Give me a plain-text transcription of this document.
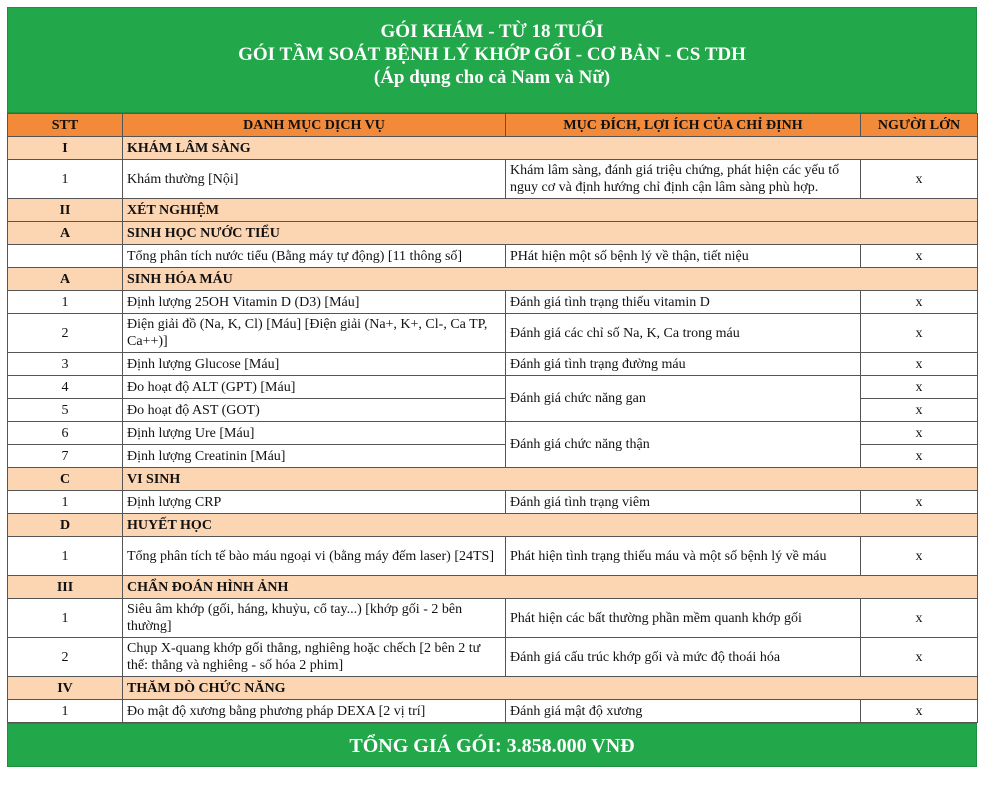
GÓI KHÁM - TỪ 18 TUỔI
GÓI TẦM SOÁT BỆNH LÝ KHỚP GỐI - CƠ BẢN - CS TDH
(Áp dụng cho cả Nam và Nữ)
STT	DANH MỤC DỊCH VỤ	MỤC ĐÍCH, LỢI ÍCH CỦA CHỈ ĐỊNH	NGƯỜI LỚN
I	KHÁM LÂM SÀNG		
1	Khám thường [Nội]	Khám lâm sàng, đánh giá triệu chứng, phát hiện các yếu tố nguy cơ và định hướng chỉ định cận lâm sàng phù hợp.	x
II	XÉT NGHIỆM		
A	SINH HỌC NƯỚC TIỂU		
	Tổng phân tích nước tiểu (Bằng máy tự động) [11 thông số]	PHát hiện một số bệnh lý về thận, tiết niệu	x
A	SINH HÓA MÁU		
1	Định lượng 25OH Vitamin D (D3) [Máu]	Đánh giá tình trạng thiếu vitamin D	x
2	Điện giải đồ (Na, K, Cl) [Máu] [Điện giải (Na+, K+, Cl-, Ca TP, Ca++)]	Đánh giá các chỉ số Na, K, Ca trong máu	x
3	Định lượng Glucose [Máu]	Đánh giá tình trạng đường máu	x
4	Đo hoạt độ ALT (GPT) [Máu]	Đánh giá chức năng gan	x
5	Đo hoạt độ AST (GOT)		x
6	Định lượng Ure [Máu]	Đánh giá chức năng thận	x
7	Định lượng Creatinin [Máu]		x
C	VI SINH		
1	Định lượng CRP	Đánh giá tình trạng viêm	x
D	HUYẾT HỌC		
1	Tổng phân tích tế bào máu ngoại vi (bằng máy đếm laser) [24TS]	Phát hiện tình trạng thiếu máu và một số bệnh lý về máu	x
III	CHẨN ĐOÁN HÌNH ẢNH		
1	Siêu âm khớp (gối, háng, khuỷu, cổ tay...) [khớp gối - 2 bên thường]	Phát hiện các bất thường phần mềm quanh khớp gối	x
2	Chụp X-quang khớp gối thẳng, nghiêng hoặc chếch [2 bên 2 tư thế: thẳng và nghiêng - số hóa 2 phim]	Đánh giá cấu trúc khớp gối và mức độ thoái hóa	x
IV	THĂM DÒ CHỨC NĂNG		
1	Đo mật độ xương bằng phương pháp DEXA [2 vị trí]	Đánh giá mật độ xương	x
TỔNG GIÁ GÓI: 3.858.000 VNĐ
